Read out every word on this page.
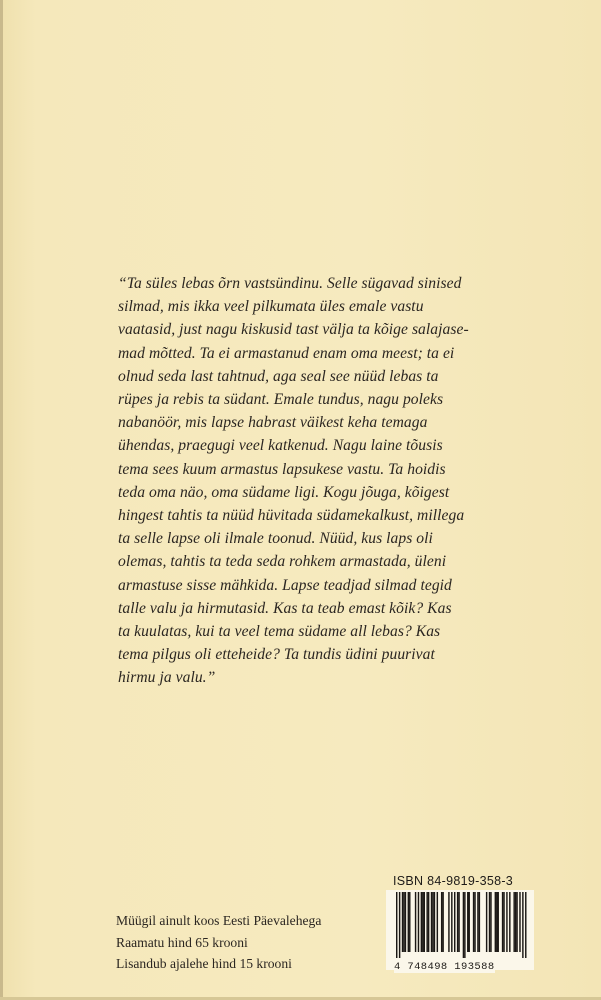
“Ta süles lebas õrn vastsündinu. Selle sügavad sinised
silmad, mis ikka veel pilkumata üles emale vastu
vaatasid, just nagu kiskusid tast välja ta kõige salajase-
mad mõtted. Ta ei armastanud enam oma meest; ta ei
olnud seda last tahtnud, aga seal see nüüd lebas ta
rüpes ja rebis ta südant. Emale tundus, nagu poleks
nabanöör, mis lapse habrast väikest keha temaga
ühendas, praegugi veel katkenud. Nagu laine tõusis
tema sees kuum armastus lapsukese vastu. Ta hoidis
teda oma näo, oma südame ligi. Kogu jõuga, kõigest
hingest tahtis ta nüüd hüvitada südamekalkust, millega
ta selle lapse oli ilmale toonud. Nüüd, kus laps oli
olemas, tahtis ta teda seda rohkem armastada, üleni
armastuse sisse mähkida. Lapse teadjad silmad tegid
talle valu ja hirmutasid. Kas ta teab emast kõik? Kas
ta kuulatas, kui ta veel tema südame all lebas? Kas
tema pilgus oli etteheide? Ta tundis üdini puurivat
hirmu ja valu.”
Müügil ainult koos Eesti Päevalehega
Raamatu hind 65 krooni
Lisandub ajalehe hind 15 krooni
ISBN 84-9819-358-3
4 748498 193588
